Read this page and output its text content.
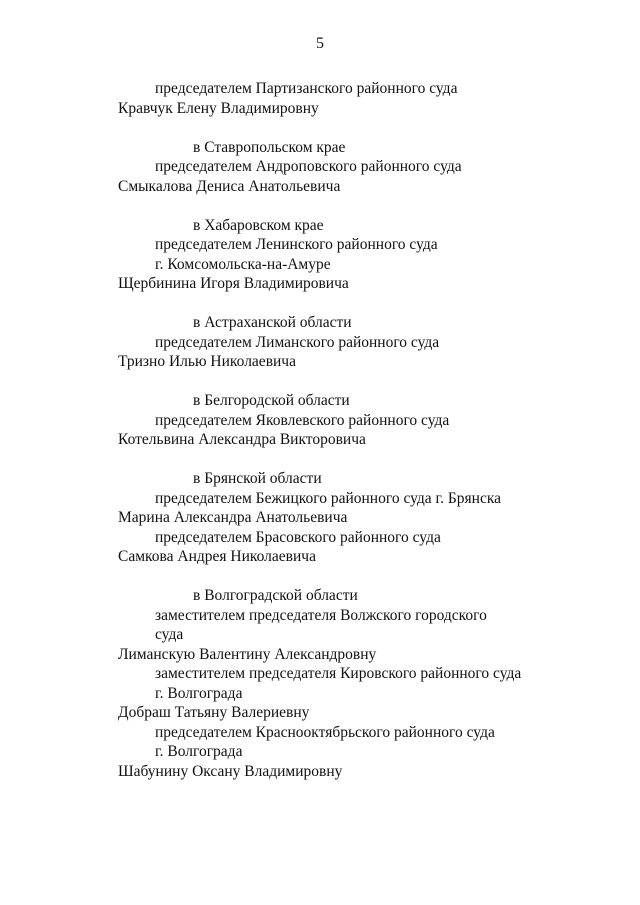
5
председателем Партизанского районного суда
Кравчук Елену Владимировну
в Ставропольском крае
председателем Андроповского районного суда
Смыкалова Дениса Анатольевича
в Хабаровском крае
председателем Ленинского районного суда
г. Комсомольска-на-Амуре
Щербинина Игоря Владимировича
в Астраханской области
председателем Лиманского районного суда
Тризно Илью Николаевича
в Белгородской области
председателем Яковлевского районного суда
Котельвина Александра Викторовича
в Брянской области
председателем Бежицкого районного суда г. Брянска
Марина Александра Анатольевича
председателем Брасовского районного суда
Самкова Андрея Николаевича
в Волгоградской области
заместителем председателя Волжского городского
суда
Лиманскую Валентину Александровну
заместителем председателя Кировского районного суда
г. Волгограда
Добраш Татьяну Валериевну
председателем Краснооктябрьского районного суда
г. Волгограда
Шабунину Оксану Владимировну
